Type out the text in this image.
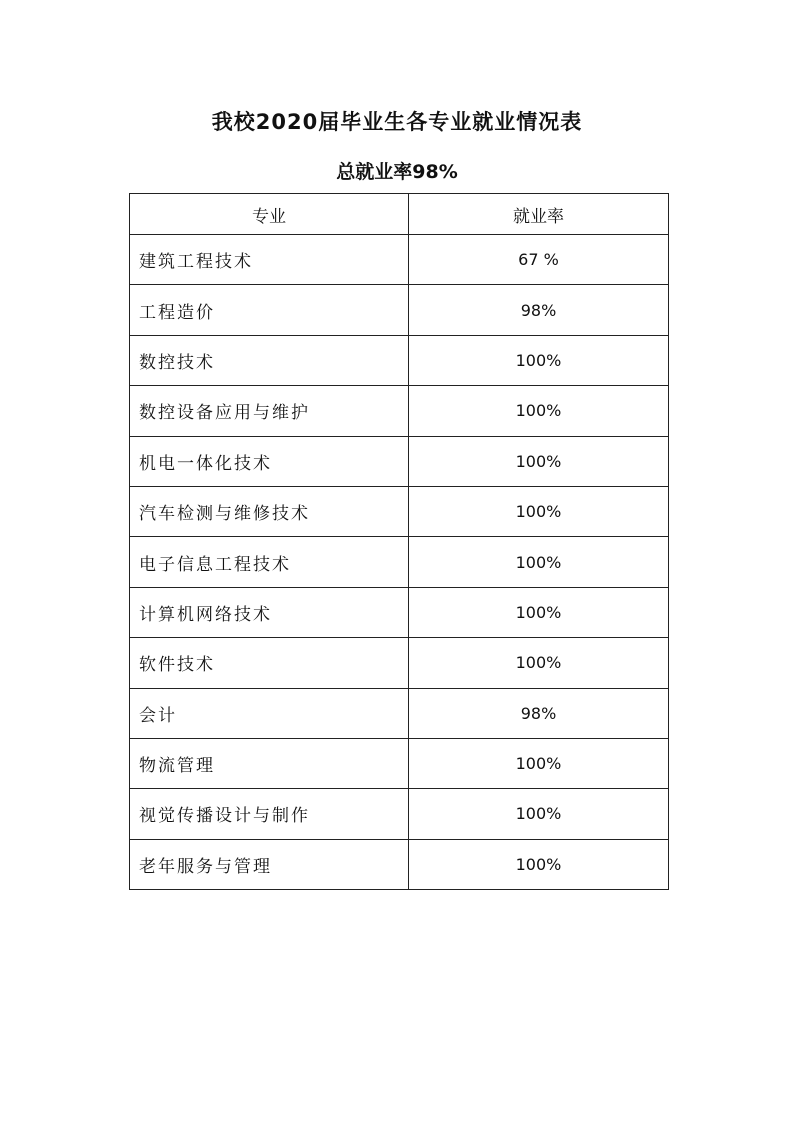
我校2020届毕业生各专业就业情况表
总就业率98%
专业	就业率
建筑工程技术	67 %
工程造价	98%
数控技术	100%
数控设备应用与维护	100%
机电一体化技术	100%
汽车检测与维修技术	100%
电子信息工程技术	100%
计算机网络技术	100%
软件技术	100%
会计	98%
物流管理	100%
视觉传播设计与制作	100%
老年服务与管理	100%
